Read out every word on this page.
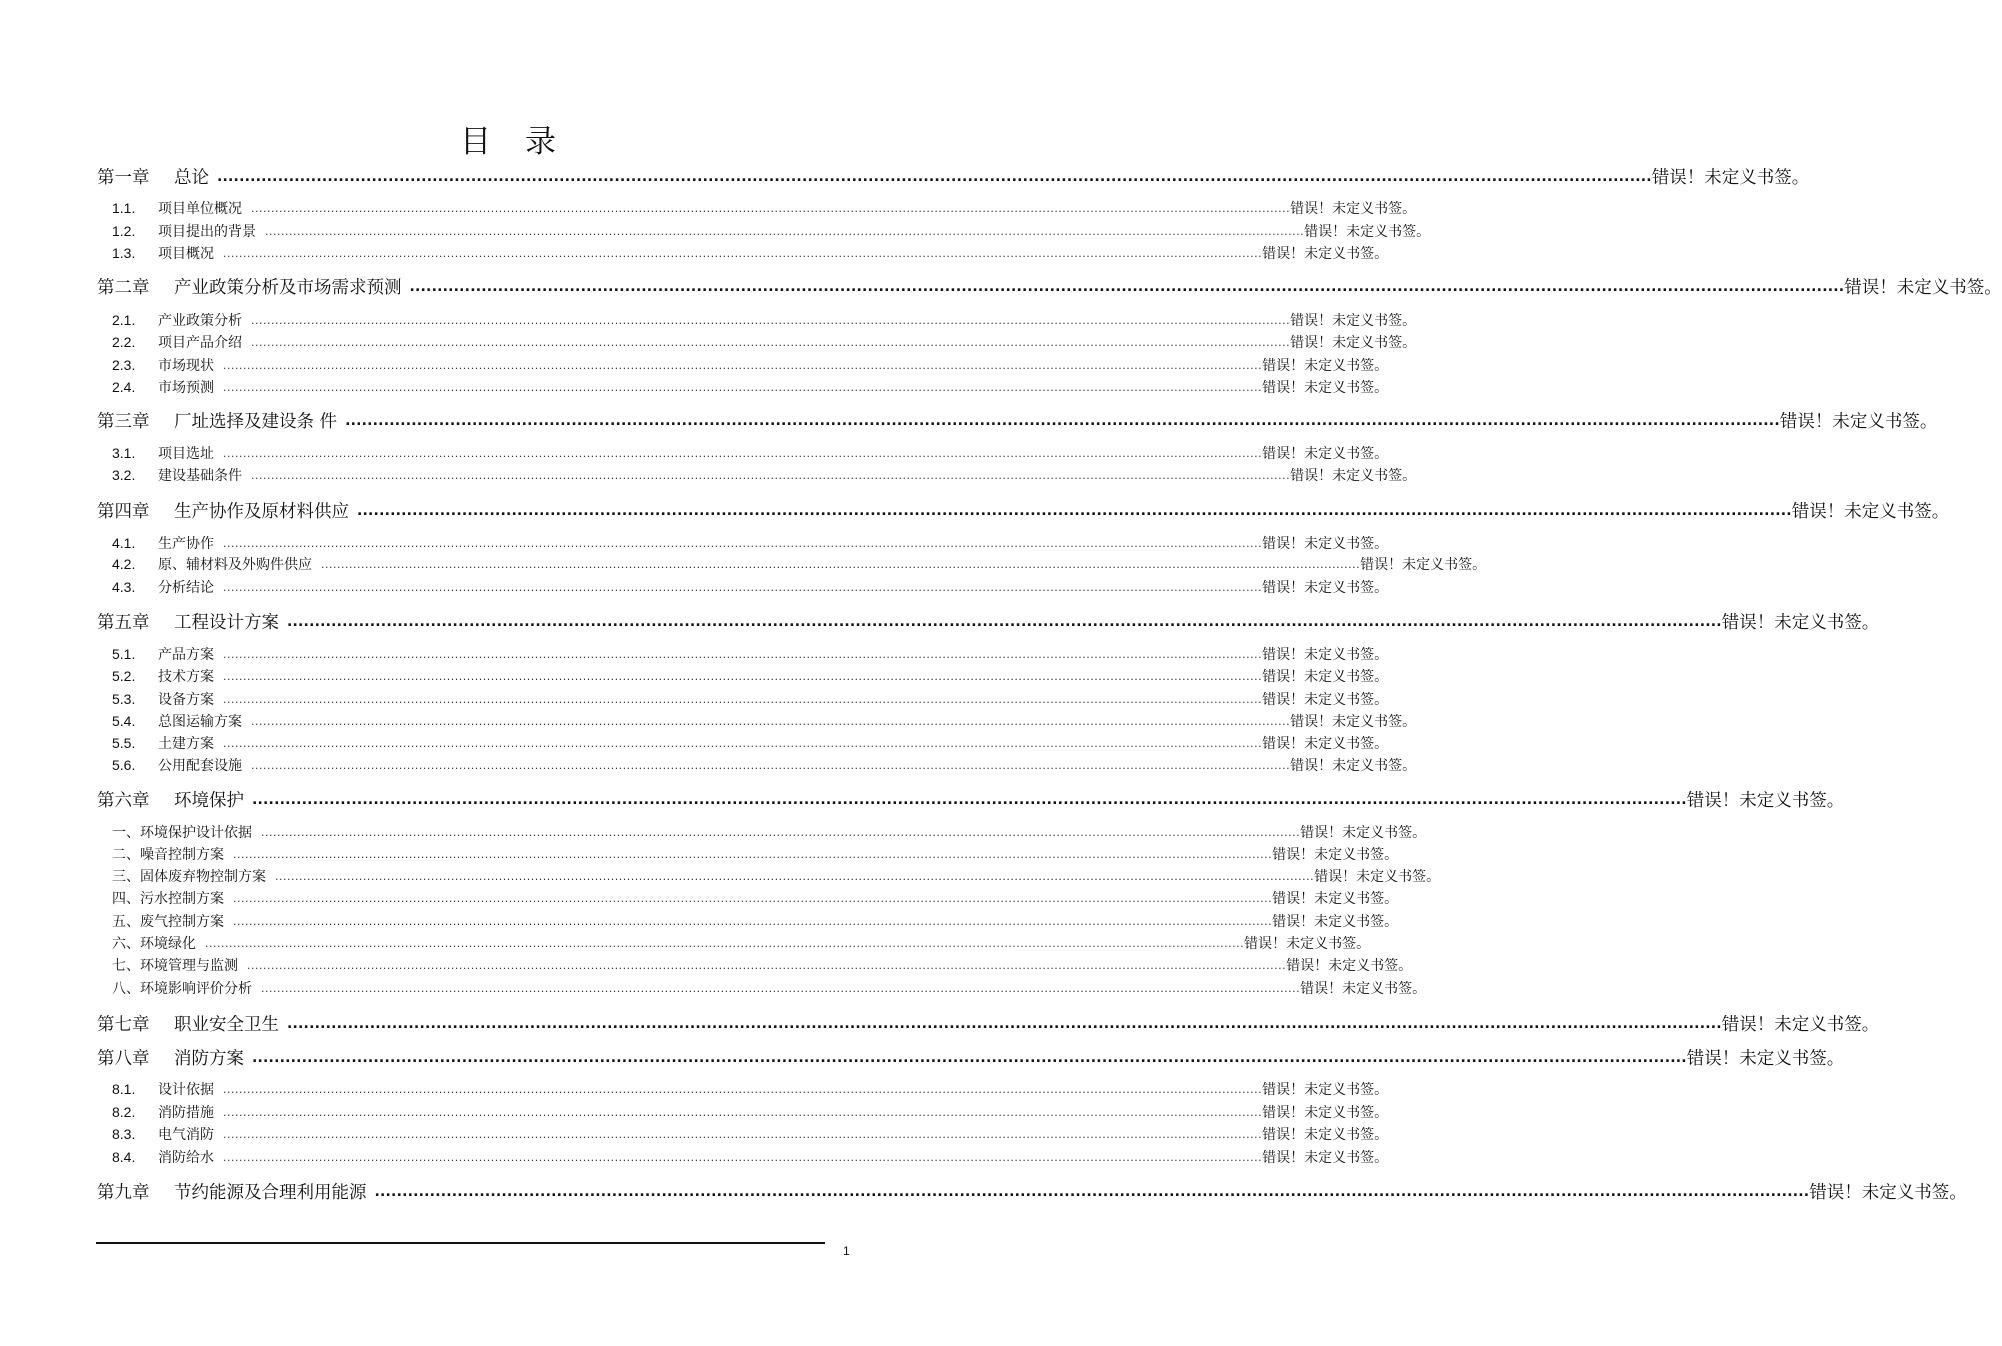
目 录
第一章 总论 .................................................................................................................................................................................................................................................................... 错误！未定义书签。
1.1. 项目单位概况 .................................................................................................................................................................................................................................................................... 错误！未定义书签。
1.2. 项目提出的背景 .................................................................................................................................................................................................................................................................... 错误！未定义书签。
1.3. 项目概况 .................................................................................................................................................................................................................................................................... 错误！未定义书签。
第二章 产业政策分析及市场需求预测 .................................................................................................................................................................................................................................................................... 错误！未定义书签。
2.1. 产业政策分析 .................................................................................................................................................................................................................................................................... 错误！未定义书签。
2.2. 项目产品介绍 .................................................................................................................................................................................................................................................................... 错误！未定义书签。
2.3. 市场现状 .................................................................................................................................................................................................................................................................... 错误！未定义书签。
2.4. 市场预测 .................................................................................................................................................................................................................................................................... 错误！未定义书签。
第三章 厂址选择及建设条 件 .................................................................................................................................................................................................................................................................... 错误！未定义书签。
3.1. 项目选址 .................................................................................................................................................................................................................................................................... 错误！未定义书签。
3.2. 建设基础条件 .................................................................................................................................................................................................................................................................... 错误！未定义书签。
第四章 生产协作及原材料供应 .................................................................................................................................................................................................................................................................... 错误！未定义书签。
4.1. 生产协作 .................................................................................................................................................................................................................................................................... 错误！未定义书签。
4.2. 原、辅材料及外购件供应 .................................................................................................................................................................................................................................................................... 错误！未定义书签。
4.3. 分析结论 .................................................................................................................................................................................................................................................................... 错误！未定义书签。
第五章 工程设计方案 .................................................................................................................................................................................................................................................................... 错误！未定义书签。
5.1. 产品方案 .................................................................................................................................................................................................................................................................... 错误！未定义书签。
5.2. 技术方案 .................................................................................................................................................................................................................................................................... 错误！未定义书签。
5.3. 设备方案 .................................................................................................................................................................................................................................................................... 错误！未定义书签。
5.4. 总图运输方案 .................................................................................................................................................................................................................................................................... 错误！未定义书签。
5.5. 土建方案 .................................................................................................................................................................................................................................................................... 错误！未定义书签。
5.6. 公用配套设施 .................................................................................................................................................................................................................................................................... 错误！未定义书签。
第六章 环境保护 .................................................................................................................................................................................................................................................................... 错误！未定义书签。
一、环境保护设计依据 .................................................................................................................................................................................................................................................................... 错误！未定义书签。
二、噪音控制方案 .................................................................................................................................................................................................................................................................... 错误！未定义书签。
三、固体废弃物控制方案 .................................................................................................................................................................................................................................................................... 错误！未定义书签。
四、污水控制方案 .................................................................................................................................................................................................................................................................... 错误！未定义书签。
五、废气控制方案 .................................................................................................................................................................................................................................................................... 错误！未定义书签。
六、环境绿化 .................................................................................................................................................................................................................................................................... 错误！未定义书签。
七、环境管理与监测 .................................................................................................................................................................................................................................................................... 错误！未定义书签。
八、环境影响评价分析 .................................................................................................................................................................................................................................................................... 错误！未定义书签。
第七章 职业安全卫生 .................................................................................................................................................................................................................................................................... 错误！未定义书签。
第八章 消防方案 .................................................................................................................................................................................................................................................................... 错误！未定义书签。
8.1. 设计依据 .................................................................................................................................................................................................................................................................... 错误！未定义书签。
8.2. 消防措施 .................................................................................................................................................................................................................................................................... 错误！未定义书签。
8.3. 电气消防 .................................................................................................................................................................................................................................................................... 错误！未定义书签。
8.4. 消防给水 .................................................................................................................................................................................................................................................................... 错误！未定义书签。
第九章 节约能源及合理利用能源 .................................................................................................................................................................................................................................................................... 错误！未定义书签。
1
